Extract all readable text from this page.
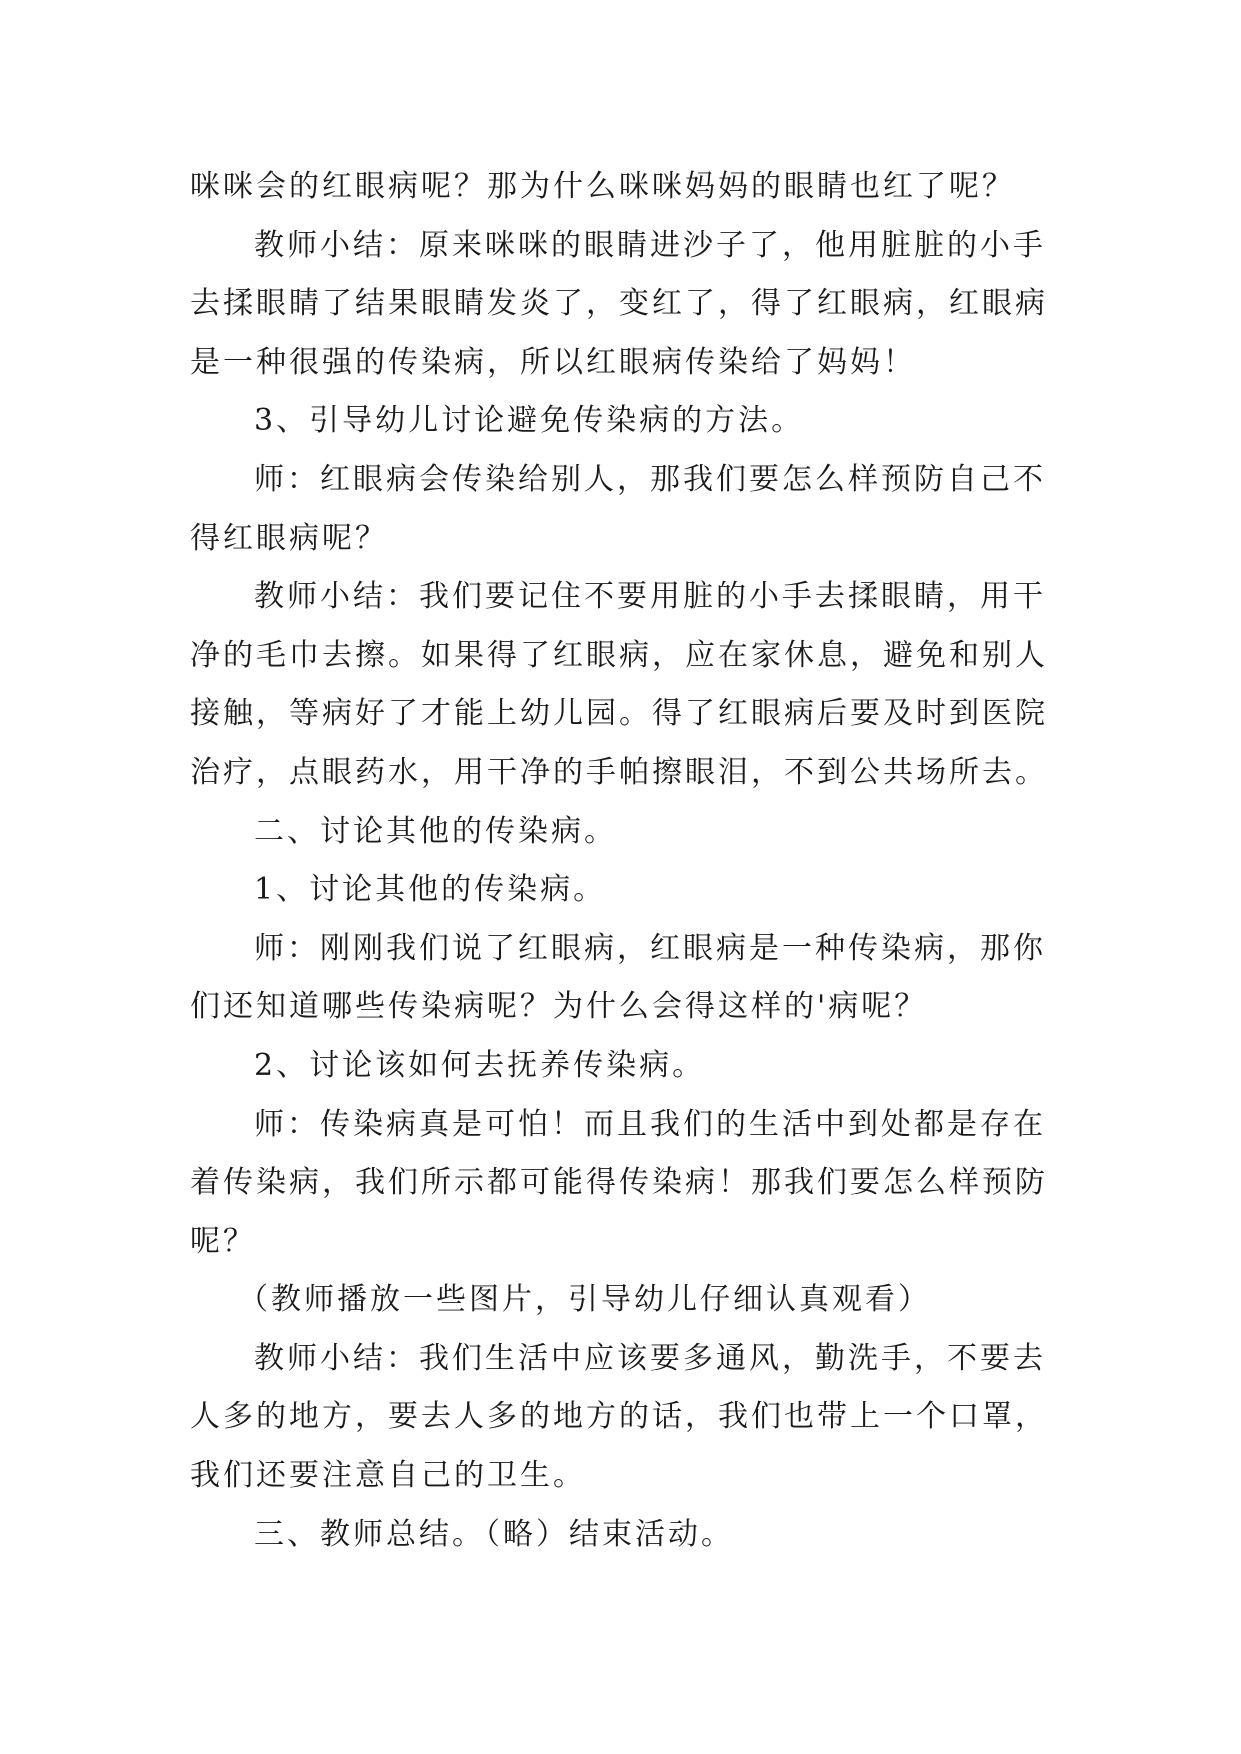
咪咪会的红眼病呢？那为什么咪咪妈妈的眼睛也红了呢？

教师小结：原来咪咪的眼睛进沙子了，他用脏脏的小手

去揉眼睛了结果眼睛发炎了，变红了，得了红眼病，红眼病

是一种很强的传染病，所以红眼病传染给了妈妈！

3、引导幼儿讨论避免传染病的方法。

师：红眼病会传染给别人，那我们要怎么样预防自己不

得红眼病呢？

教师小结：我们要记住不要用脏的小手去揉眼睛，用干

净的毛巾去擦。如果得了红眼病，应在家休息，避免和别人

接触，等病好了才能上幼儿园。得了红眼病后要及时到医院

治疗，点眼药水，用干净的手帕擦眼泪，不到公共场所去。

二、讨论其他的传染病。

1、讨论其他的传染病。

师：刚刚我们说了红眼病，红眼病是一种传染病，那你

们还知道哪些传染病呢？为什么会得这样的'病呢？

2、讨论该如何去抚养传染病。

师：传染病真是可怕！而且我们的生活中到处都是存在

着传染病，我们所示都可能得传染病！那我们要怎么样预防

呢？

（教师播放一些图片，引导幼儿仔细认真观看）

教师小结：我们生活中应该要多通风，勤洗手，不要去

人多的地方，要去人多的地方的话，我们也带上一个口罩，

我们还要注意自己的卫生。

三、教师总结。（略）结束活动。
